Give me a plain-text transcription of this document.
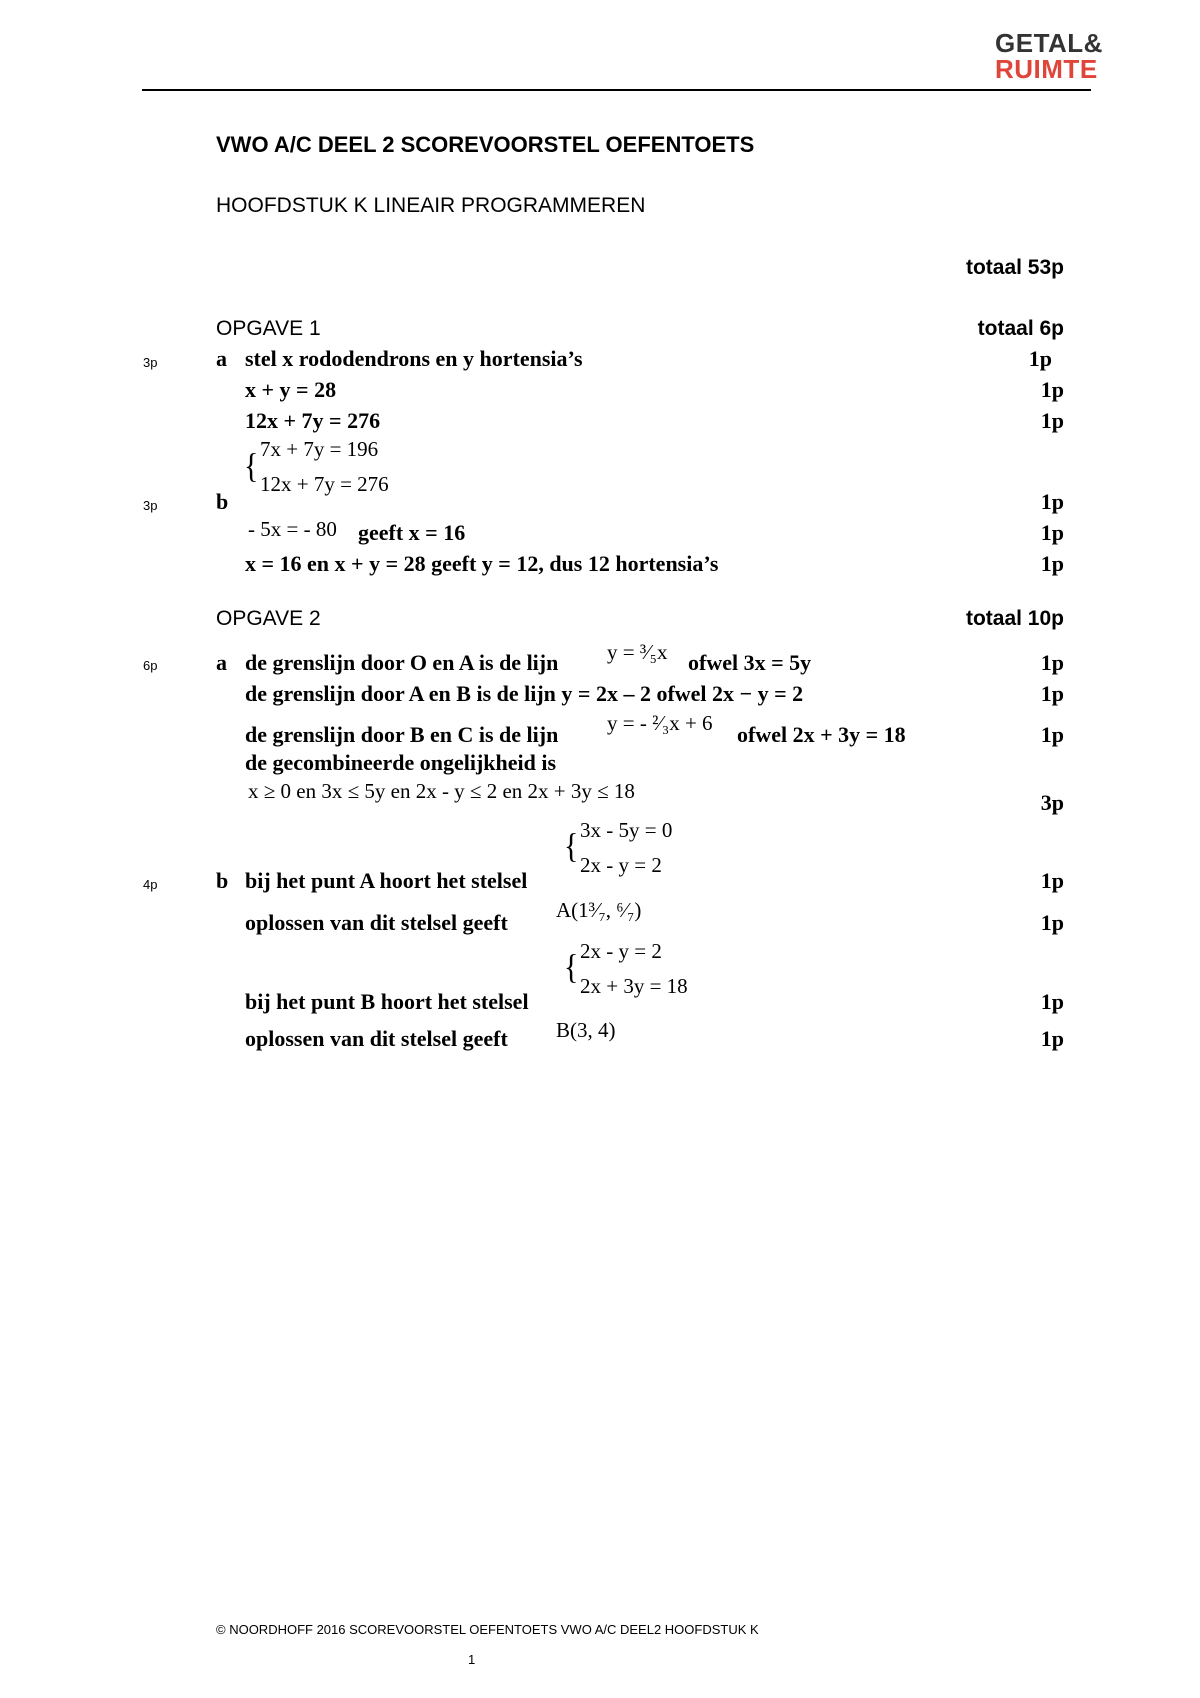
GETAL&
RUIMTE
VWO A/C DEEL 2 SCOREVOORSTEL OEFENTOETS
HOOFDSTUK K LINEAIR PROGRAMMEREN
totaal 53p
OPGAVE 1	totaal 6p
3p	a stel x rododendrons en y hortensia’s	1p
x + y = 28	1p
12x + 7y = 276	1p
{ 7x + 7y = 196
12x + 7y = 276
3p	b	1p
- 5x = - 80 geeft x = 16	1p
x = 16 en x + y = 28 geeft y = 12, dus 12 hortensia’s	1p
OPGAVE 2	totaal 10p
6p	a de grenslijn door O en A is de lijn y = ³⁄₅x ofwel 3x = 5y	1p
de grenslijn door A en B is de lijn y = 2x – 2 ofwel 2x − y = 2	1p
de grenslijn door B en C is de lijn y = - ²⁄₃x + 6 ofwel 2x + 3y = 18	1p
de gecombineerde ongelijkheid is
x ≥ 0 en 3x ≤ 5y en 2x - y ≤ 2 en 2x + 3y ≤ 18	3p
{ 3x - 5y = 0
2x - y = 2
4p	b bij het punt A hoort het stelsel	1p
oplossen van dit stelsel geeft A(1³⁄₇, ⁶⁄₇)	1p
{ 2x - y = 2
2x + 3y = 18
bij het punt B hoort het stelsel	1p
oplossen van dit stelsel geeft B(3, 4)	1p
© NOORDHOFF 2016 SCOREVOORSTEL OEFENTOETS VWO A/C DEEL2 HOOFDSTUK K
1
